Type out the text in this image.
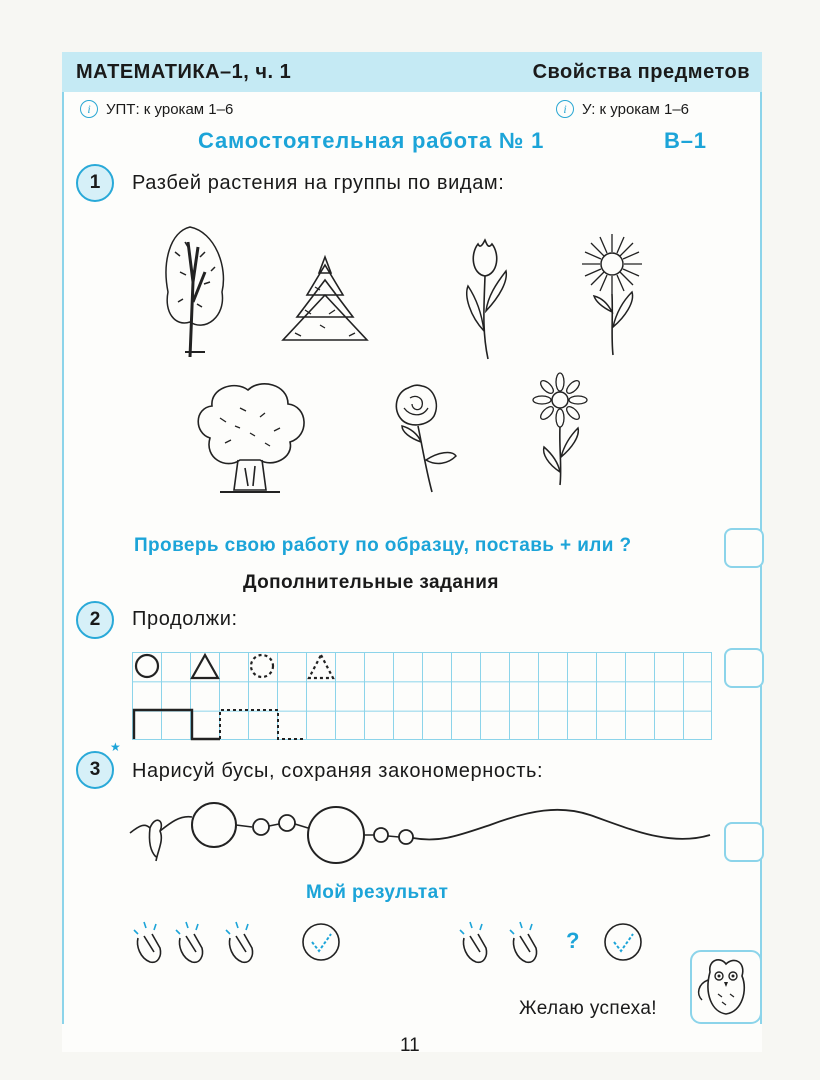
МАТЕМАТИКА–1, ч. 1	Свойства предметов
i	УПТ: к урокам 1–6	i	У: к урокам 1–6
Самостоятельная работа № 1	В–1
1	Разбей растения на группы по видам:
Проверь свою работу по образцу, поставь + или ?
Дополнительные задания
2	Продолжи:
3
★
Нарисуй бусы, сохраняя закономерность:
Мой результат
?
Желаю успеха!
11
